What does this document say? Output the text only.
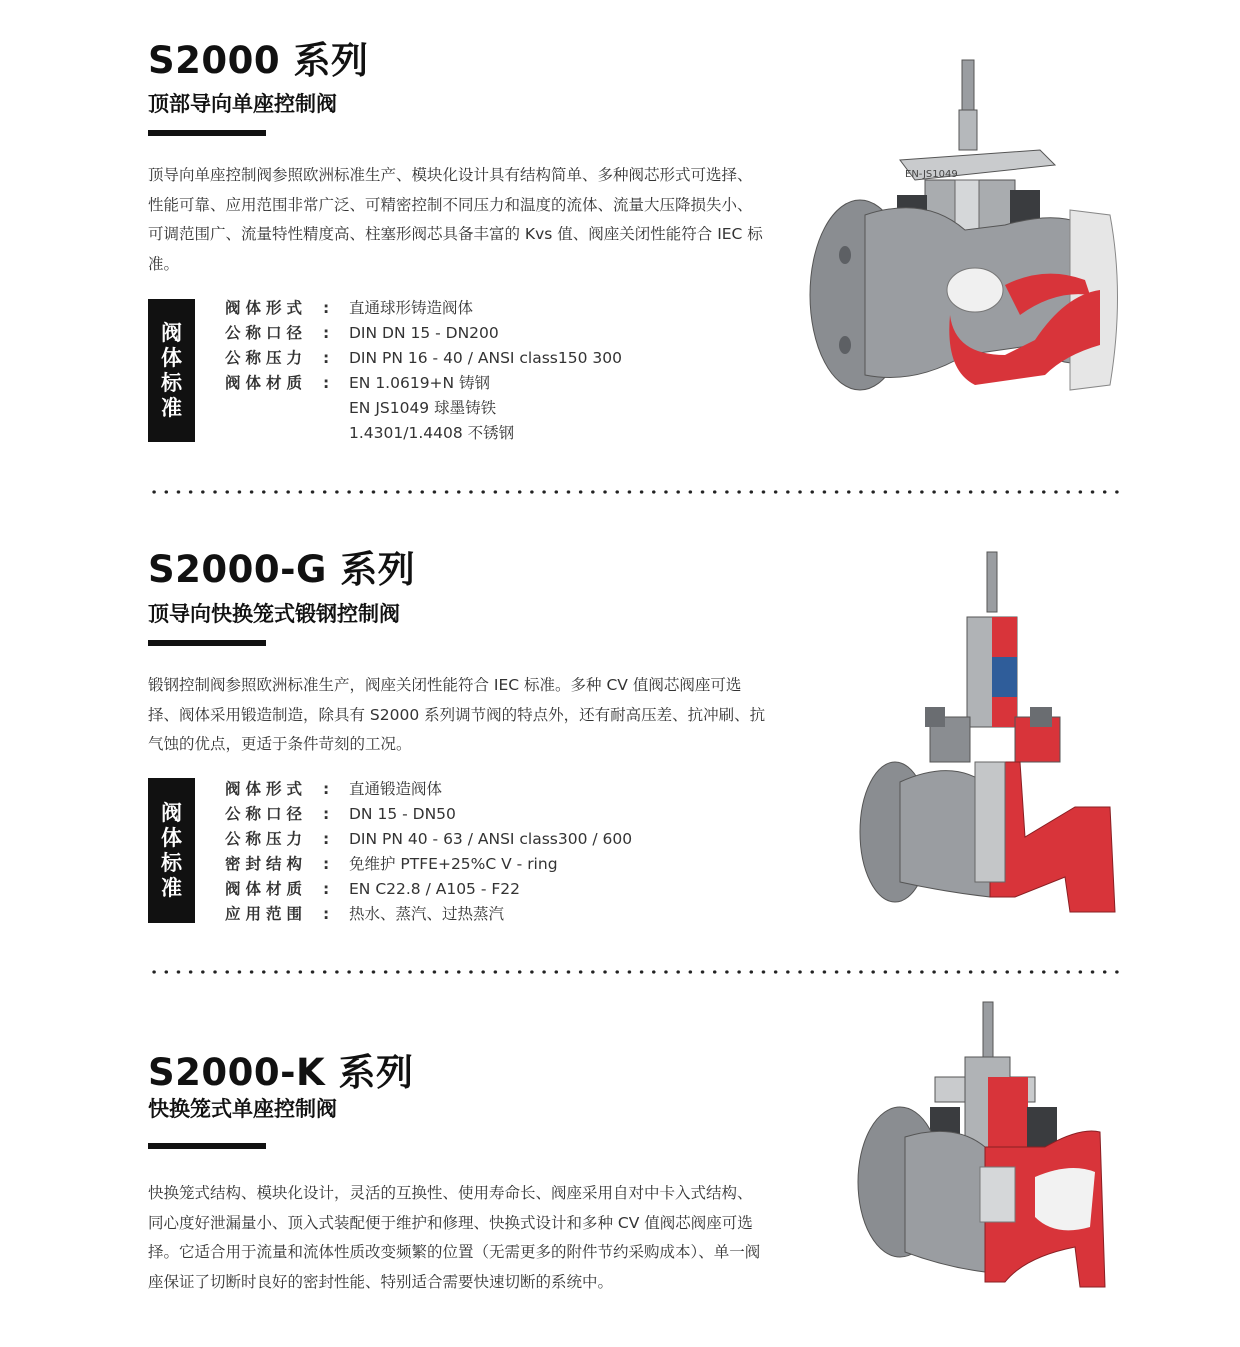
S2000 系列
顶部导向单座控制阀

顶导向单座控制阀参照欧洲标准生产、模块化设计具有结构简单、多种阀芯形式可选择、性能可靠、应用范围非常广泛、可精密控制不同压力和温度的流体、流量大压降损失小、可调范围广、流量特性精度高、柱塞形阀芯具备丰富的 Kvs 值、阀座关闭性能符合 IEC 标准。

阀
体
标
准
阀体形式	:	直通球形铸造阀体
公称口径	:	DIN DN 15 - DN200
公称压力	:	DIN PN 16 - 40 / ANSI class150 300
阀体材质	:	EN 1.0619+N 铸钢
EN JS1049 球墨铸铁
1.4301/1.4408 不锈钢
EN-JS1049
S2000-G 系列
顶导向快换笼式锻钢控制阀

锻钢控制阀参照欧洲标准生产，阀座关闭性能符合 IEC 标准。多种 CV 值阀芯阀座可选择、阀体采用锻造制造，除具有 S2000 系列调节阀的特点外，还有耐高压差、抗冲刷、抗气蚀的优点，更适于条件苛刻的工况。

阀
体
标
准
阀体形式	:	直通锻造阀体
公称口径	:	DN 15 - DN50
公称压力	:	DIN PN 40 - 63 / ANSI class300 / 600
密封结构	:	免维护 PTFE+25%C V - ring
阀体材质	:	EN C22.8 / A105 - F22
应用范围	:	热水、蒸汽、过热蒸汽
S2000-K 系列
快换笼式单座控制阀

快换笼式结构、模块化设计，灵活的互换性、使用寿命长、阀座采用自对中卡入式结构、同心度好泄漏量小、顶入式装配便于维护和修理、快换式设计和多种 CV 值阀芯阀座可选择。它适合用于流量和流体性质改变频繁的位置（无需更多的附件节约采购成本）、单一阀座保证了切断时良好的密封性能、特别适合需要快速切断的系统中。
